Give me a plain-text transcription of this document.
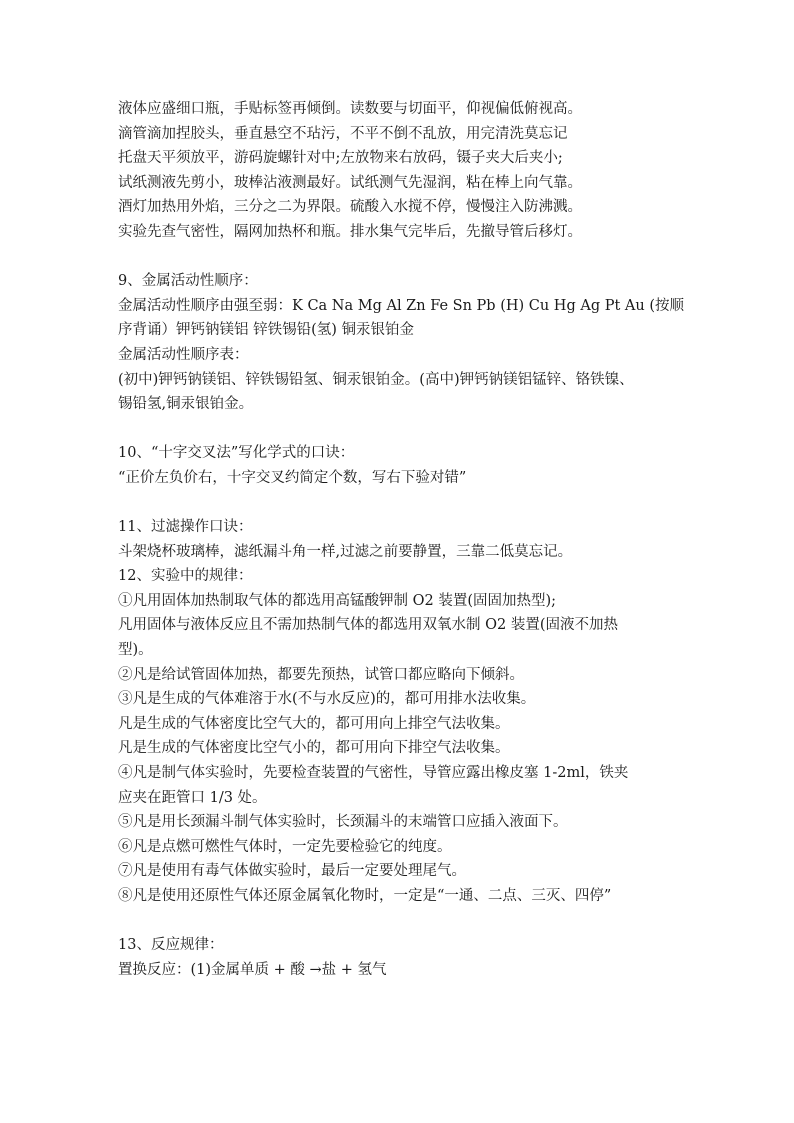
液体应盛细口瓶，手贴标签再倾倒。读数要与切面平，仰视偏低俯视高。
滴管滴加捏胶头，垂直悬空不玷污，不平不倒不乱放，用完清洗莫忘记
托盘天平须放平，游码旋螺针对中;左放物来右放码，镊子夹大后夹小;
试纸测液先剪小，玻棒沾液测最好。试纸测气先湿润，粘在棒上向气靠。
酒灯加热用外焰，三分之二为界限。硫酸入水搅不停，慢慢注入防沸溅。
实验先查气密性，隔网加热杯和瓶。排水集气完毕后，先撤导管后移灯。
9、金属活动性顺序：
金属活动性顺序由强至弱：K Ca Na Mg Al Zn Fe Sn Pb (H) Cu Hg Ag Pt Au (按顺
序背诵）钾钙钠镁铝 锌铁锡铅(氢) 铜汞银铂金
金属活动性顺序表：
(初中)钾钙钠镁铝、锌铁锡铅氢、铜汞银铂金。(高中)钾钙钠镁铝锰锌、铬铁镍、
锡铅氢,铜汞银铂金。
10、“十字交叉法”写化学式的口诀：
“正价左负价右，十字交叉约简定个数，写右下验对错”
11、过滤操作口诀：
斗架烧杯玻璃棒，滤纸漏斗角一样,过滤之前要静置，三靠二低莫忘记。
12、实验中的规律：
①凡用固体加热制取气体的都选用高锰酸钾制 O2 装置(固固加热型);
凡用固体与液体反应且不需加热制气体的都选用双氧水制 O2 装置(固液不加热
型)。
②凡是给试管固体加热，都要先预热，试管口都应略向下倾斜。
③凡是生成的气体难溶于水(不与水反应)的，都可用排水法收集。
凡是生成的气体密度比空气大的，都可用向上排空气法收集。
凡是生成的气体密度比空气小的，都可用向下排空气法收集。
④凡是制气体实验时，先要检查装置的气密性，导管应露出橡皮塞 1-2ml，铁夹
应夹在距管口 1/3 处。
⑤凡是用长颈漏斗制气体实验时，长颈漏斗的末端管口应插入液面下。
⑥凡是点燃可燃性气体时，一定先要检验它的纯度。
⑦凡是使用有毒气体做实验时，最后一定要处理尾气。
⑧凡是使用还原性气体还原金属氧化物时，一定是“一通、二点、三灭、四停”
13、反应规律：
置换反应：(1)金属单质 + 酸 →盐 + 氢气
